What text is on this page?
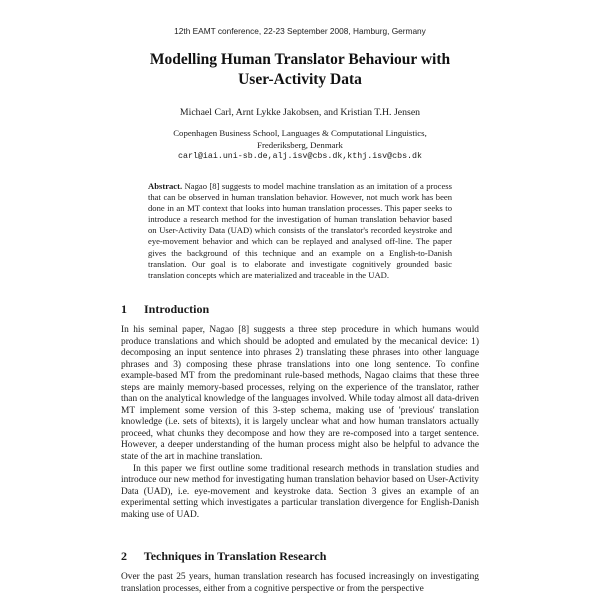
12th EAMT conference, 22-23 September 2008, Hamburg, Germany
Modelling Human Translator Behaviour with
User-Activity Data
Michael Carl, Arnt Lykke Jakobsen, and Kristian T.H. Jensen
Copenhagen Business School, Languages & Computational Linguistics,
Frederiksberg, Denmark
carl@iai.uni-sb.de,alj.isv@cbs.dk,kthj.isv@cbs.dk
Abstract. Nagao [8] suggests to model machine translation as an imitation of a process that can be observed in human translation behavior. However, not much work has been done in an MT context that looks into human translation processes. This paper seeks to introduce a research method for the investigation of human translation behavior based on User-Activity Data (UAD) which consists of the translator's recorded keystroke and eye-movement behavior and which can be replayed and analysed off-line. The paper gives the background of this technique and an example on a English-to-Danish translation. Our goal is to elaborate and investigate cognitively grounded basic translation concepts which are materialized and traceable in the UAD.
1 Introduction

In his seminal paper, Nagao [8] suggests a three step procedure in which humans would produce translations and which should be adopted and emulated by the mecanical device: 1) decomposing an input sentence into phrases 2) translating these phrases into other language phrases and 3) composing these phrase translations into one long sentence. To confine example-based MT from the predominant rule-based methods, Nagao claims that these three steps are mainly memory-based processes, relying on the experience of the translator, rather than on the analytical knowledge of the languages involved. While today almost all data-driven MT implement some version of this 3-step schema, making use of 'previous' translation knowledge (i.e. sets of bitexts), it is largely unclear what and how human translators actually proceed, what chunks they decompose and how they are re-composed into a target sentence. However, a deeper understanding of the human process might also be helpful to advance the state of the art in machine translation.

In this paper we first outline some traditional research methods in translation studies and introduce our new method for investigating human translation behavior based on User-Activity Data (UAD), i.e. eye-movement and keystroke data. Section 3 gives an example of an experimental setting which investigates a particular translation divergence for English-Danish making use of UAD.

2 Techniques in Translation Research

Over the past 25 years, human translation research has focused increasingly on investigating translation processes, either from a cognitive perspective or from the perspective
